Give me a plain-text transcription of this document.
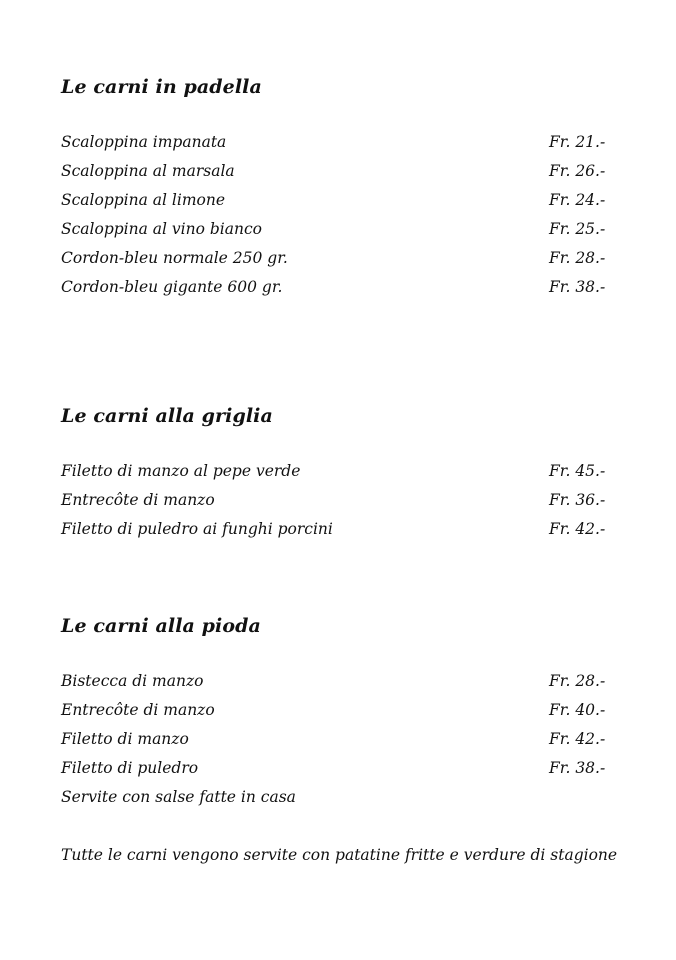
Le carni in padella
Scaloppina impanata	Fr. 21.-
Scaloppina al marsala	Fr. 26.-
Scaloppina al limone	Fr. 24.-
Scaloppina al vino bianco	Fr. 25.-
Cordon-bleu normale 250 gr.	Fr. 28.-
Cordon-bleu gigante 600 gr.	Fr. 38.-
Le carni alla griglia
Filetto di manzo al pepe verde	Fr. 45.-
Entrecôte di manzo	Fr. 36.-
Filetto di puledro ai funghi porcini	Fr. 42.-
Le carni alla pioda
Bistecca di manzo	Fr. 28.-
Entrecôte di manzo	Fr. 40.-
Filetto di manzo	Fr. 42.-
Filetto di puledro	Fr. 38.-

Servite con salse fatte in casa

Tutte le carni vengono servite con patatine fritte e verdure di stagione
